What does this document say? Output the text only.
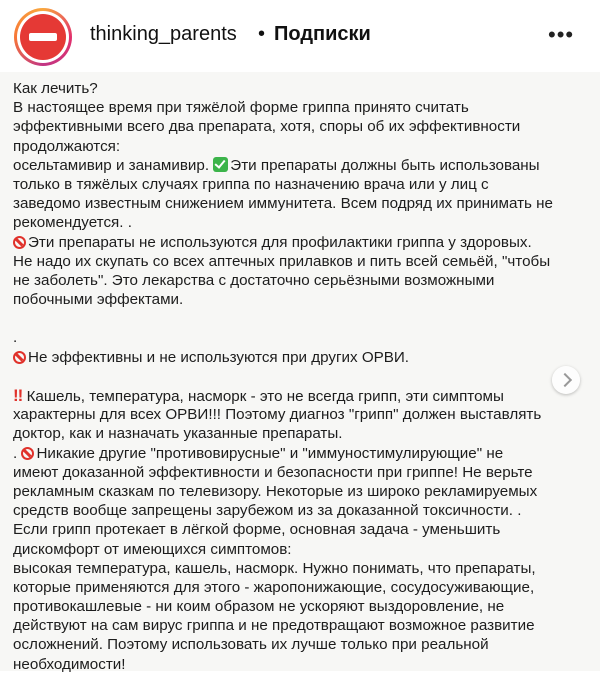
thinking_parents • Подписки	•••
Как лечить?
В настоящее время при тяжёлой форме гриппа принято считать
эффективными всего два препарата, хотя, споры об их эффективности
продолжаются:
осельтамивир и занамивир. Эти препараты должны быть использованы
только в тяжёлых случаях гриппа по назначению врача или у лиц с
заведомо известным снижением иммунитета. Всем подряд их принимать не
рекомендуется. .
Эти препараты не используются для профилактики гриппа у здоровых.
Не надо их скупать со всех аптечных прилавков и пить всей семьёй, "чтобы
не заболеть". Это лекарства с достаточно серьёзными возможными
побочными эффектами.
.
Не эффективны и не используются при других ОРВИ.
!! Кашель, температура, насморк - это не всегда грипп, эти симптомы
характерны для всех ОРВИ!!! Поэтому диагноз "грипп" должен выставлять
доктор, как и назначать указанные препараты.
. Никакие другие "противовирусные" и "иммуностимулирующие" не
имеют доказанной эффективности и безопасности при гриппе! Не верьте
рекламным сказкам по телевизору. Некоторые из широко рекламируемых
средств вообще запрещены зарубежом из за доказанной токсичности. .
Если грипп протекает в лёгкой форме, основная задача - уменьшить
дискомфорт от имеющихся симптомов:
высокая температура, кашель, насморк. Нужно понимать, что препараты,
которые применяются для этого - жаропонижающие, сосудосуживающие,
противокашлевые - ни коим образом не ускоряют выздоровление, не
действуют на сам вирус гриппа и не предотвращают возможное развитие
осложнений. Поэтому использовать их лучше только при реальной
необходимости!
